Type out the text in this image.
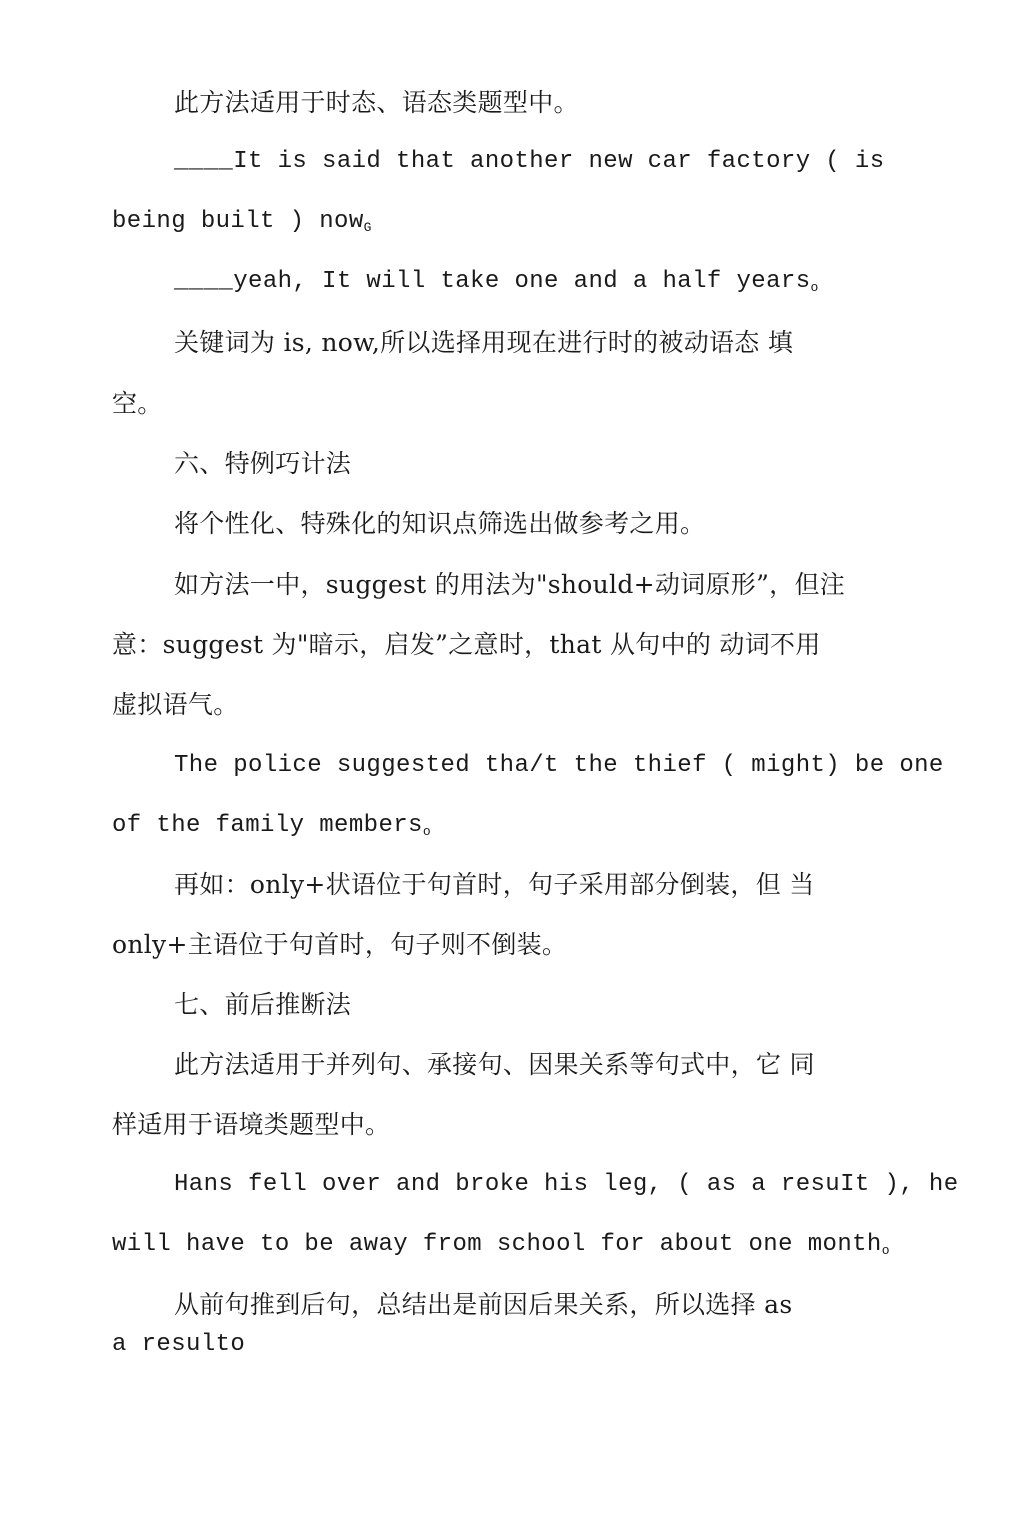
此方法适用于时态、语态类题型中。
____It is said that another new car factory ( is
being built ) now$_G$
____yeah, It will take one and a half years$_o$
关键词为 is, now,所以选择用现在进行时的被动语态 填
空。
六、特例巧计法
将个性化、特殊化的知识点筛选出做参考之用。
如方法一中，suggest 的用法为"should+动词原形”，但注
意：suggest 为"暗示，启发”之意时，that 从句中的 动词不用
虚拟语气。
The police suggested tha/t the thief ( might) be one
of the family members$_o$
再如：only+状语位于句首时，句子采用部分倒装，但 当
only+主语位于句首时，句子则不倒装。
七、前后推断法
此方法适用于并列句、承接句、因果关系等句式中，它 同
样适用于语境类题型中。
Hans fell over and broke his leg, ( as a resuIt ), he
will have to be away from school for about one month$_o$
从前句推到后句，总结出是前因后果关系，所以选择 as
a resulto
